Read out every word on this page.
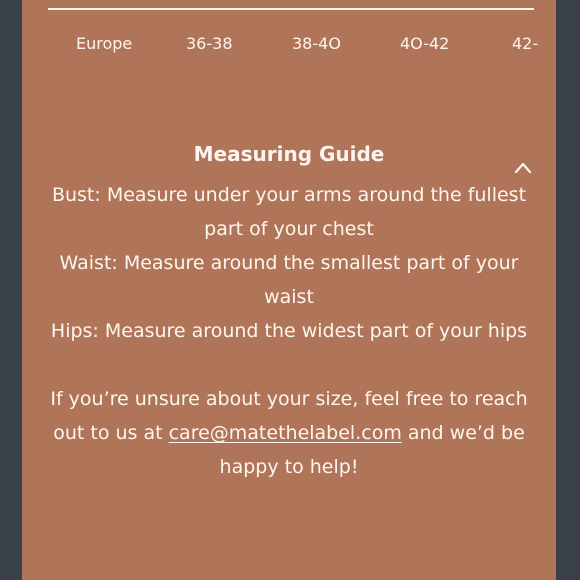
Europe	36-38	38-4O	4O-42	42-
Measuring Guide

Bust: Measure under your arms around the fullest part of your chest

Waist: Measure around the smallest part of your waist

Hips: Measure around the widest part of your hips

If you’re unsure about your size, feel free to reach out to us at care@matethelabel.com and we’d be happy to help!
